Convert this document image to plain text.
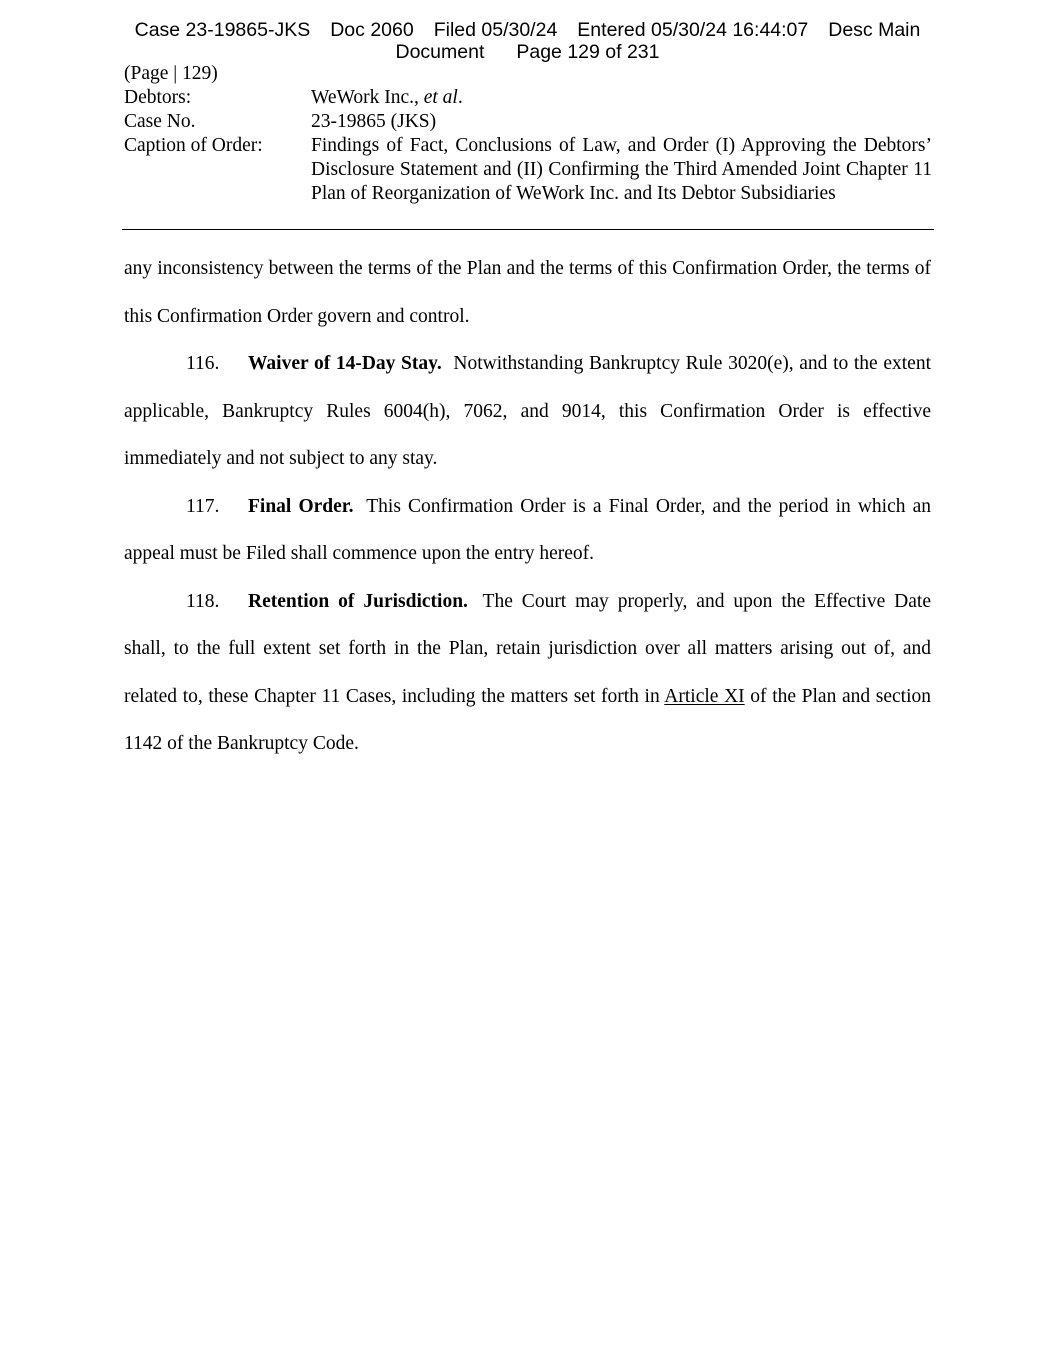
Case 23-19865-JKS Doc 2060 Filed 05/30/24 Entered 05/30/24 16:44:07 Desc Main
Document Page 129 of 231
(Page | 129)
Debtors:	WeWork Inc., et al.
Case No.	23-19865 (JKS)
Caption of Order:	Findings of Fact, Conclusions of Law, and Order (I) Approving the Debtors’ Disclosure Statement and (II) Confirming the Third Amended Joint Chapter 11 Plan of Reorganization of WeWork Inc. and Its Debtor Subsidiaries

any inconsistency between the terms of the Plan and the terms of this Confirmation Order, the terms of this Confirmation Order govern and control.

116. Waiver of 14-Day Stay. Notwithstanding Bankruptcy Rule 3020(e), and to the extent applicable, Bankruptcy Rules 6004(h), 7062, and 9014, this Confirmation Order is effective immediately and not subject to any stay.

117. Final Order. This Confirmation Order is a Final Order, and the period in which an appeal must be Filed shall commence upon the entry hereof.

118. Retention of Jurisdiction. The Court may properly, and upon the Effective Date shall, to the full extent set forth in the Plan, retain jurisdiction over all matters arising out of, and related to, these Chapter 11 Cases, including the matters set forth in Article XI of the Plan and section 1142 of the Bankruptcy Code.
